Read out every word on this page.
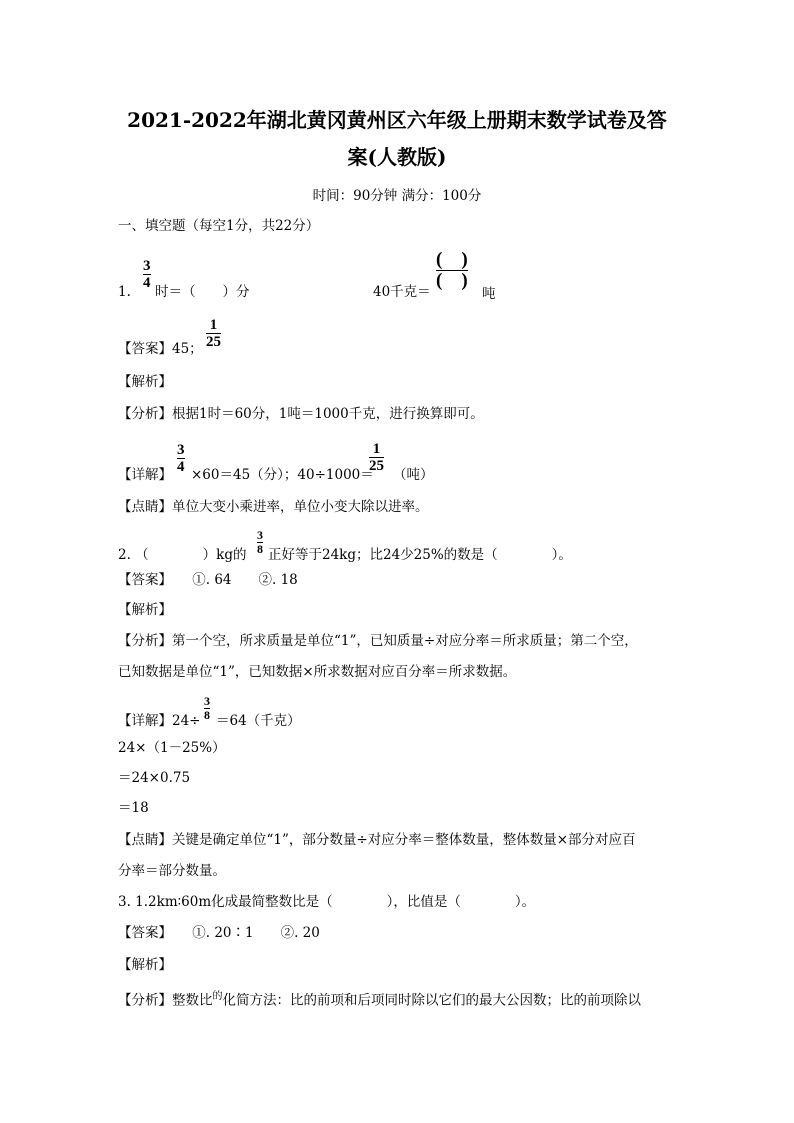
2021-2022年湖北黄冈黄州区六年级上册期末数学试卷及答
案(人教版)
时间：90分钟 满分：100分
一、填空题（每空1分，共22分）
1.
3
4
时＝（　　）分	40千克＝
(　)
(　)
吨
【答案】45；
1
25
【解析】
【分析】根据1时＝60分，1吨＝1000千克，进行换算即可。
【详解】
3
4 ×60＝45（分）；40÷1000＝
1
25
（吨）
【点睛】单位大变小乘进率，单位小变大除以进率。
2. （　　　　）kg的
3
8 正好等于24kg；比24少25%的数是（　　　　）。
【答案】　　①. 64　　②. 18
【解析】
【分析】第一个空，所求质量是单位“1”，已知质量÷对应分率＝所求质量；第二个空，
已知数据是单位“1”，已知数据×所求数据对应百分率＝所求数据。
【详解】24÷
3
8 ＝64（千克）
24×（1－25%）
＝24×0.75
＝18
【点睛】关键是确定单位“1”，部分数量÷对应分率＝整体数量，整体数量×部分对应百
分率＝部分数量。
3. 1.2km∶60m化成最简整数比是（　　　　），比值是（　　　　）。
【答案】　　①. 20∶1　　②. 20
【解析】
【分析】整数比$^的$化简方法：比的前项和后项同时除以它们的最大公因数；比的前项除以
